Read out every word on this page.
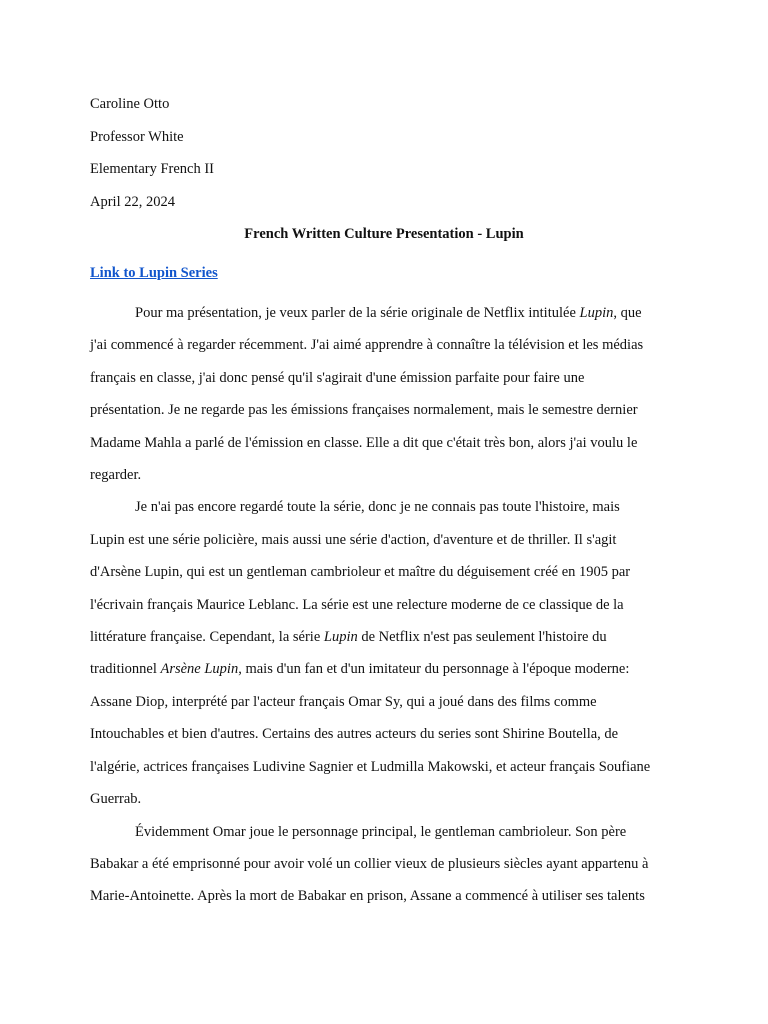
Caroline Otto

Professor White

Elementary French II

April 22, 2024

French Written Culture Presentation - Lupin

Link to Lupin Series

Pour ma présentation, je veux parler de la série originale de Netflix intitulée Lupin, que
j'ai commencé à regarder récemment. J'ai aimé apprendre à connaître la télévision et les médias
français en classe, j'ai donc pensé qu'il s'agirait d'une émission parfaite pour faire une
présentation. Je ne regarde pas les émissions françaises normalement, mais le semestre dernier
Madame Mahla a parlé de l'émission en classe. Elle a dit que c'était très bon, alors j'ai voulu le
regarder.

Je n'ai pas encore regardé toute la série, donc je ne connais pas toute l'histoire, mais
Lupin est une série policière, mais aussi une série d'action, d'aventure et de thriller. Il s'agit
d'Arsène Lupin, qui est un gentleman cambrioleur et maître du déguisement créé en 1905 par
l'écrivain français Maurice Leblanc. La série est une relecture moderne de ce classique de la
littérature française. Cependant, la série Lupin de Netflix n'est pas seulement l'histoire du
traditionnel Arsène Lupin, mais d'un fan et d'un imitateur du personnage à l'époque moderne:
Assane Diop, interprété par l'acteur français Omar Sy, qui a joué dans des films comme
Intouchables et bien d'autres. Certains des autres acteurs du series sont Shirine Boutella, de
l'algérie, actrices françaises Ludivine Sagnier et Ludmilla Makowski, et acteur français Soufiane
Guerrab.

Évidemment Omar joue le personnage principal, le gentleman cambrioleur. Son père
Babakar a été emprisonné pour avoir volé un collier vieux de plusieurs siècles ayant appartenu à
Marie-Antoinette. Après la mort de Babakar en prison, Assane a commencé à utiliser ses talents
